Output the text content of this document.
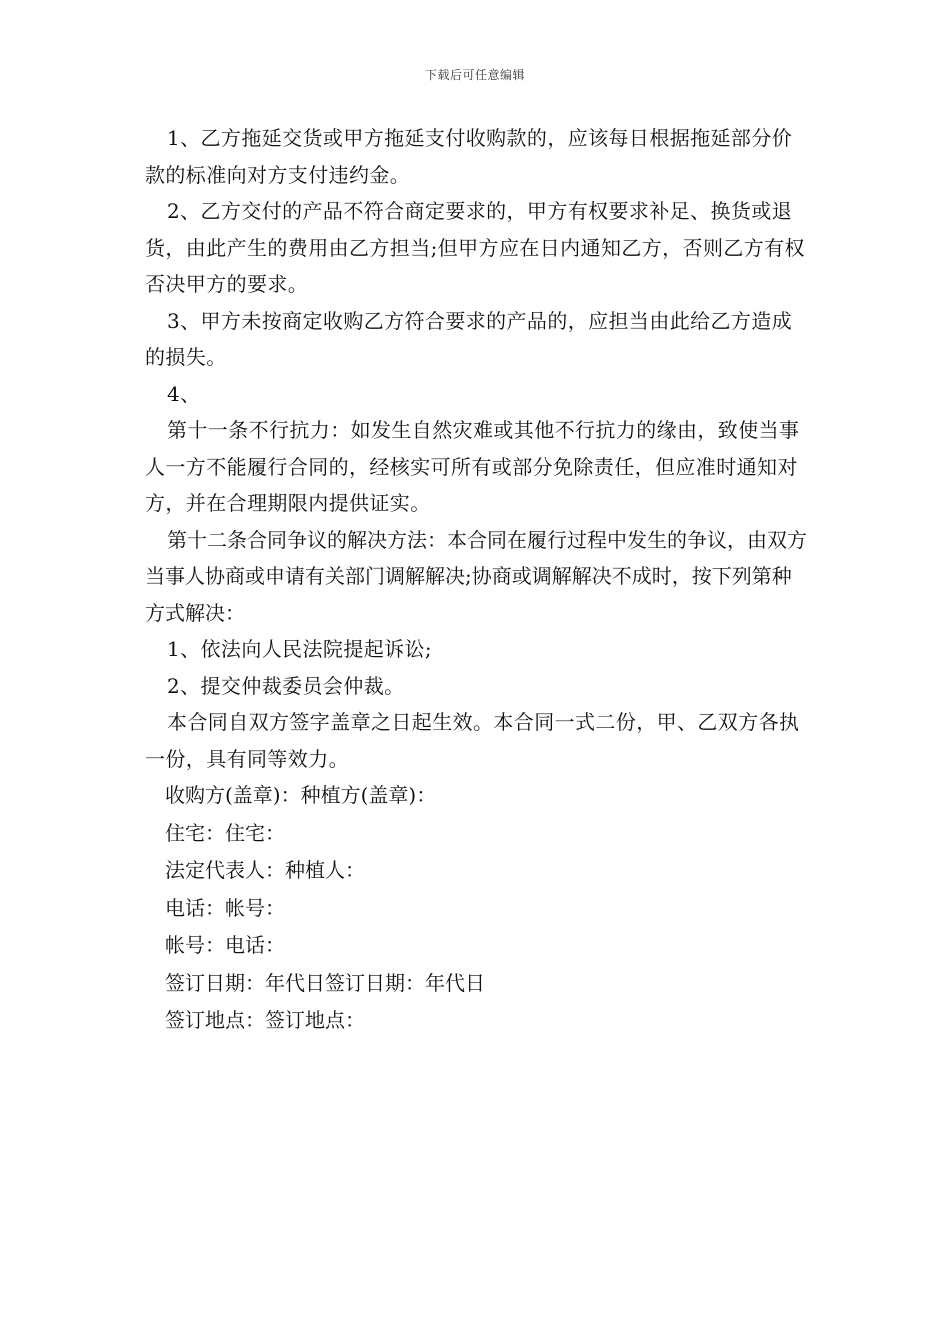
下载后可任意编辑

1、乙方拖延交货或甲方拖延支付收购款的，应该每日根据拖延部分价款的标准向对方支付违约金。

2、乙方交付的产品不符合商定要求的，甲方有权要求补足、换货或退货，由此产生的费用由乙方担当;但甲方应在日内通知乙方，否则乙方有权否决甲方的要求。

3、甲方未按商定收购乙方符合要求的产品的，应担当由此给乙方造成的损失。

4、

第十一条不行抗力：如发生自然灾难或其他不行抗力的缘由，致使当事人一方不能履行合同的，经核实可所有或部分免除责任，但应准时通知对方，并在合理期限内提供证实。

第十二条合同争议的解决方法：本合同在履行过程中发生的争议，由双方当事人协商或申请有关部门调解解决;协商或调解解决不成时，按下列第种方式解决：

1、依法向人民法院提起诉讼;

2、提交仲裁委员会仲裁。

本合同自双方签字盖章之日起生效。本合同一式二份，甲、乙双方各执一份，具有同等效力。

收购方(盖章)：种植方(盖章)：
住宅：住宅：
法定代表人：种植人：
电话：帐号：
帐号：电话：
签订日期：年代日签订日期：年代日
签订地点：签订地点：
